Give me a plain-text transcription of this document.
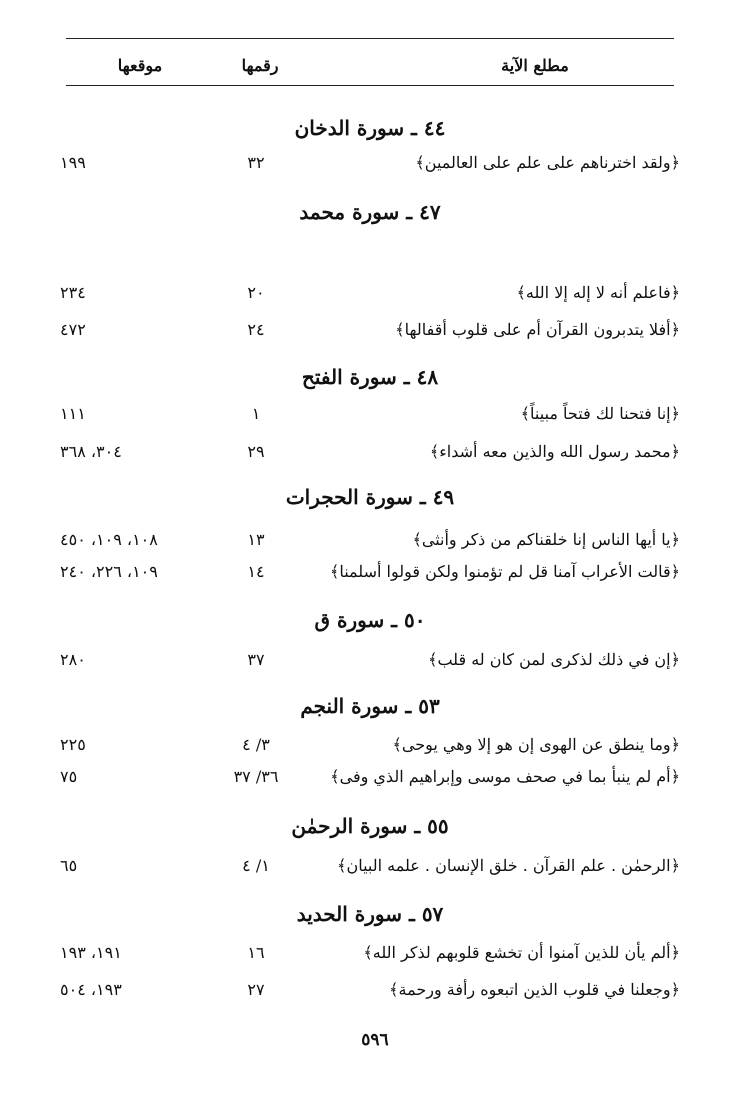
مطلع الآية
رقمها
موقعها
٤٤ ـ سورة الدخان
﴿ولقد اخترناهم على علم على العالمين﴾
٣٢
١٩٩
٤٧ ـ سورة محمد
﴿فاعلم أنه لا إله إلا الله﴾
٢٠
٢٣٤
﴿أفلا يتدبرون القرآن أم على قلوب أقفالها﴾
٢٤
٤٧٢
٤٨ ـ سورة الفتح
﴿إنا فتحنا لك فتحاً مبيناً﴾
١
١١١
﴿محمد رسول الله والذين معه أشداء﴾
٢٩
٣٠٤، ٣٦٨
٤٩ ـ سورة الحجرات
﴿يا أيها الناس إنا خلقناكم من ذكر وأنثى﴾
١٣
١٠٨، ١٠٩، ٤٥٠
﴿قالت الأعراب آمنا قل لم تؤمنوا ولكن قولوا أسلمنا﴾
١٤
١٠٩، ٢٢٦، ٢٤٠
٥٠ ـ سورة ق
﴿إن في ذلك لذكرى لمن كان له قلب﴾
٣٧
٢٨٠
٥٣ ـ سورة النجم
﴿وما ينطق عن الهوى إن هو إلا وهي يوحى﴾
٣/ ٤
٢٢٥
﴿أم لم ينبأ بما في صحف موسى وإبراهيم الذي وفى﴾
٣٦/ ٣٧
٧٥
٥٥ ـ سورة الرحمٰن
﴿الرحمٰن . علم القرآن . خلق الإنسان . علمه البيان﴾
١/ ٤
٦٥
٥٧ ـ سورة الحديد
﴿ألم يأن للذين آمنوا أن تخشع قلوبهم لذكر الله﴾
١٦
١٩١، ١٩٣
﴿وجعلنا في قلوب الذين اتبعوه رأفة ورحمة﴾
٢٧
١٩٣، ٥٠٤
٥٩٦
